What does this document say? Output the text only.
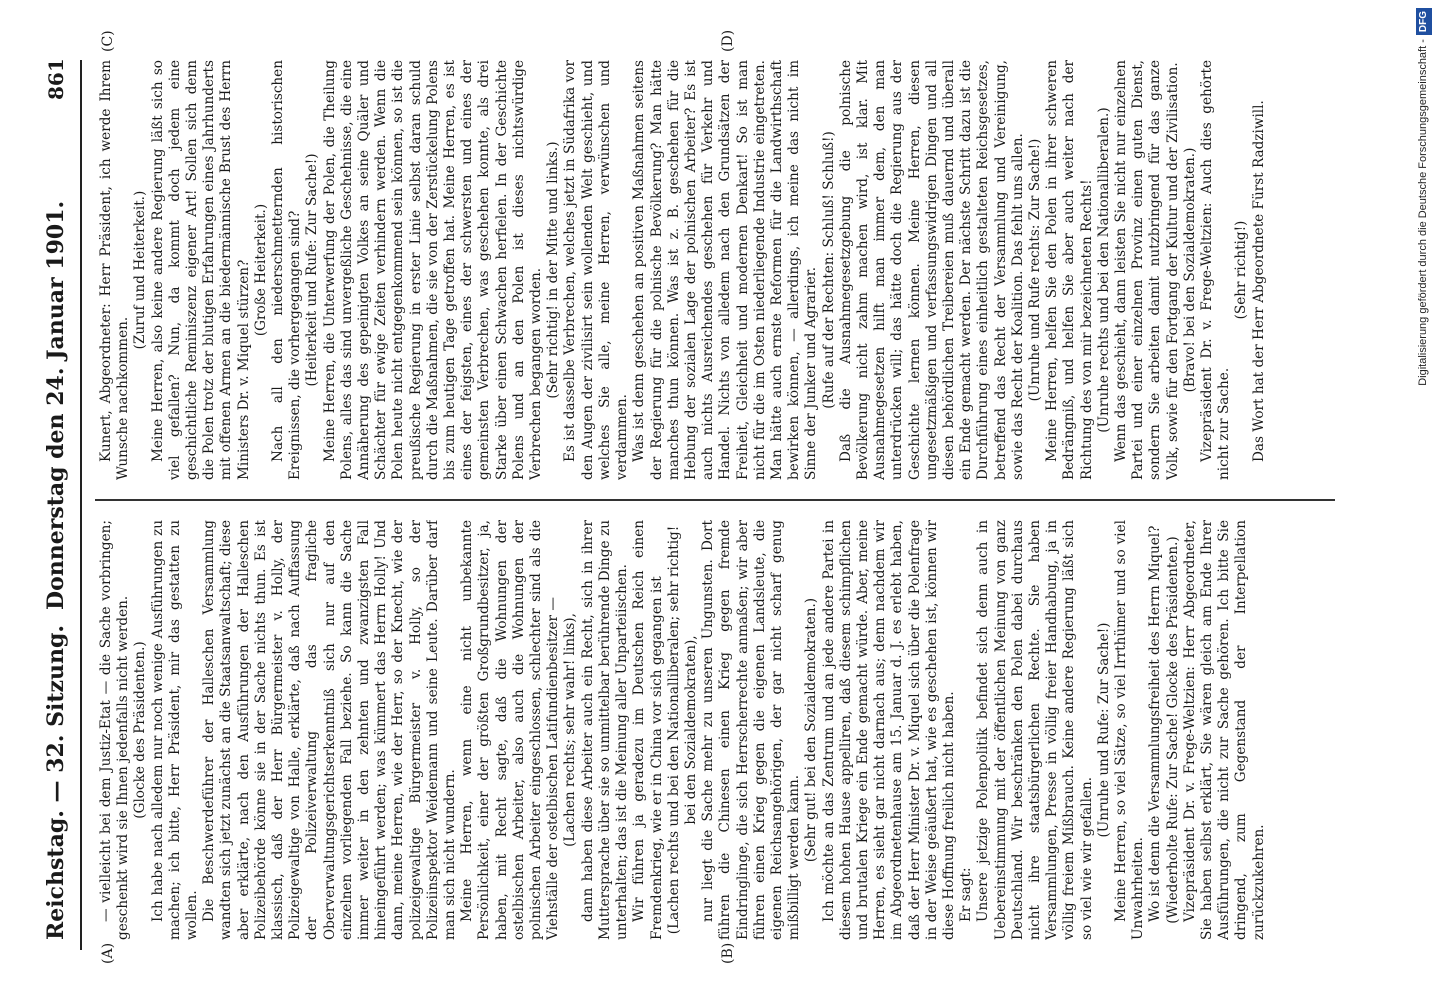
Reichstag. — 32. Sitzung.
Donnerstag den 24. Januar 1901.
861
(A)	(B)
(C)	(D)

— vielleicht bei dem Justiz-Etat — die Sache vorbringen; geschenkt wird sie Ihnen jedenfalls nicht werden. (Glocke des Präsidenten.) Ich habe nach alledem nur noch wenige Ausführungen zu machen; ich bitte, Herr Präsident, mir das gestatten zu wollen. Die Beschwerdeführer der Halleschen Versammlung wandten sich jetzt zunächst an die Staatsanwaltschaft; diese aber erklärte, nach den Ausführungen der Halleschen Polizeibehörde könne sie in der Sache nichts thun. Es ist klassisch, daß der Herr Bürgermeister v. Holly, der Polizeigewaltige von Halle, erklärte, daß nach Auffassung der Polizeiverwaltung das fragliche Oberverwaltungsgerichtserkenntniß sich nur auf den einzelnen vorliegenden Fall beziehe. So kann die Sache immer weiter in den zehnten und zwanzigsten Fall hineingeführt werden; was kümmert das Herrn Holly! Und dann, meine Herren, wie der Herr, so der Knecht, wie der polizeigewaltige Bürgermeister v. Holly, so der Polizeiinspektor Weidemann und seine Leute. Darüber darf man sich nicht wundern. Meine Herren, wenn eine nicht unbekannte Persönlichkeit, einer der größten Großgrundbesitzer, ja, haben, mit Recht sagte, daß die Wohnungen der ostelbischen Arbeiter, also auch die Wohnungen der polnischen Arbeiter eingeschlossen, schlechter sind als die Viehställe der ostelbischen Latifundienbesitzer — (Lachen rechts; sehr wahr! links), dann haben diese Arbeiter auch ein Recht, sich in ihrer Muttersprache über sie so unmittelbar berührende Dinge zu unterhalten; das ist die Meinung aller Unparteiischen. Wir führen ja geradezu im Deutschen Reich einen Fremdenkrieg, wie er in China vor sich gegangen ist (Lachen rechts und bei den Nationalliberalen; sehr richtig! bei den Sozialdemokraten), nur liegt die Sache mehr zu unseren Ungunsten. Dort führen die Chinesen einen Krieg gegen fremde Eindringlinge, die sich Herrscherrechte anmaßen; wir aber führen einen Krieg gegen die eigenen Landsleute, die eigenen Reichsangehörigen, der gar nicht scharf genug mißbilligt werden kann. (Sehr gut! bei den Sozialdemokraten.) Ich möchte an das Zentrum und an jede andere Partei in diesem hohen Hause appelliren, daß diesem schimpflichen und brutalen Kriege ein Ende gemacht würde. Aber, meine Herren, es sieht gar nicht darnach aus; denn nachdem wir im Abgeordnetenhause am 15. Januar d. J. es erlebt haben, daß der Herr Minister Dr. v. Miquel sich über die Polenfrage in der Weise geäußert hat, wie es geschehen ist, können wir diese Hoffnung freilich nicht haben. Er sagt: Unsere jetzige Polenpolitik befindet sich denn auch in Uebereinstimmung mit der öffentlichen Meinung von ganz Deutschland. Wir beschränken den Polen dabei durchaus nicht ihre staatsbürgerlichen Rechte. Sie haben Versammlungen, Presse in völlig freier Handhabung, ja in völlig freiem Mißbrauch. Keine andere Regierung läßt sich so viel wie wir gefallen.

(Unruhe und Rufe: Zur Sache!) Meine Herren, so viel Sätze, so viel Irrthümer und so viel Unwahrheiten. Wo ist denn die Versammlungsfreiheit des Herrn Miquel? (Wiederholte Rufe: Zur Sache! Glocke des Präsidenten.) Vizepräsident Dr. v. Frege-Weltzien: Herr Abgeordneter, Sie haben selbst erklärt, Sie wären gleich am Ende Ihrer Ausführungen, die nicht zur Sache gehören. Ich bitte Sie dringend, zum Gegenstand der Interpellation zurückzukehren.

Kunert, Abgeordneter: Herr Präsident, ich werde Ihrem Wunsche nachkommen.

(Zuruf und Heiterkeit.) Meine Herren, also keine andere Regierung läßt sich so viel gefallen? Nun, da kommt doch jedem eine geschichtliche Reminiszenz eigener Art! Sollen sich denn die Polen trotz der blutigen Erfahrungen eines Jahrhunderts mit offenen Armen an die biedermännische Brust des Herrn Ministers Dr. v. Miquel stürzen? (Große Heiterkeit.) Nach all den niederschmetternden historischen Ereignissen, die vorhergegangen sind? (Heiterkeit und Rufe: Zur Sache!) Meine Herren, die Unterwerfung der Polen, die Theilung Polens, alles das sind unvergeßliche Geschehnisse, die eine Annäherung des gepeinigten Volkes an seine Quäler und Schächter für ewige Zeiten verhindern werden. Wenn die Polen heute nicht entgegenkommend sein können, so ist die preußische Regierung in erster Linie selbst daran schuld durch die Maßnahmen, die sie von der Zerstückelung Polens bis zum heutigen Tage getroffen hat. Meine Herren, es ist eines der feigsten, eines der schwersten und eines der gemeinsten Verbrechen, was geschehen konnte, als drei Starke über einen Schwachen herfielen. In der Geschichte Polens und an den Polen ist dieses nichtswürdige Verbrechen begangen worden. (Sehr richtig! in der Mitte und links.) Es ist dasselbe Verbrechen, welches jetzt in Südafrika vor den Augen der zivilisirt sein wollenden Welt geschieht, und welches Sie alle, meine Herren, verwünschen und verdammen. Was ist denn geschehen an positiven Maßnahmen seitens der Regierung für die polnische Bevölkerung? Man hätte manches thun können. Was ist z. B. geschehen für die Hebung der sozialen Lage der polnischen Arbeiter? Es ist auch nichts Ausreichendes geschehen für Verkehr und Handel. Nichts von alledem nach den Grundsätzen der Freiheit, Gleichheit und modernen Denkart! So ist man nicht für die im Osten niederliegende Industrie eingetreten. Man hätte auch ernste Reformen für die Landwirthschaft bewirken können, — allerdings, ich meine das nicht im Sinne der Junker und Agrarier. (Rufe auf der Rechten: Schluß! Schluß!) Daß die Ausnahmegesetzgebung die polnische Bevölkerung nicht zahm machen wird, ist klar. Mit Ausnahmegesetzen hilft man immer dem, den man unterdrücken will; das hätte doch die Regierung aus der Geschichte lernen können. Meine Herren, diesen ungesetzmäßigen und verfassungswidrigen Dingen und all diesen behördlichen Treibereien muß dauernd und überall ein Ende gemacht werden. Der nächste Schritt dazu ist die Durchführung eines einheitlich gestalteten Reichsgesetzes, betreffend das Recht der Versammlung und Vereinigung, sowie das Recht der Koalition. Das fehlt uns allen. (Unruhe und Rufe rechts: Zur Sache!) Meine Herren, helfen Sie den Polen in ihrer schweren Bedrängniß, und helfen Sie aber auch weiter nach der Richtung des von mir bezeichneten Rechts! (Unruhe rechts und bei den Nationalliberalen.) Wenn das geschieht, dann leisten Sie nicht nur einzelnen Partei und einer einzelnen Provinz einen guten Dienst, sondern Sie arbeiten damit nutzbringend für das ganze Volk, sowie für den Fortgang der Kultur und der Zivilisation. (Bravo! bei den Sozialdemokraten.) Vizepräsident Dr. v. Frege-Weltzien: Auch dies gehörte nicht zur Sache.

(Sehr richtig!) Das Wort hat der Herr Abgeordnete Fürst Radziwill.	Digitalisierung gefördert durch die Deutsche Forschungsgemeinschaft -DFG
